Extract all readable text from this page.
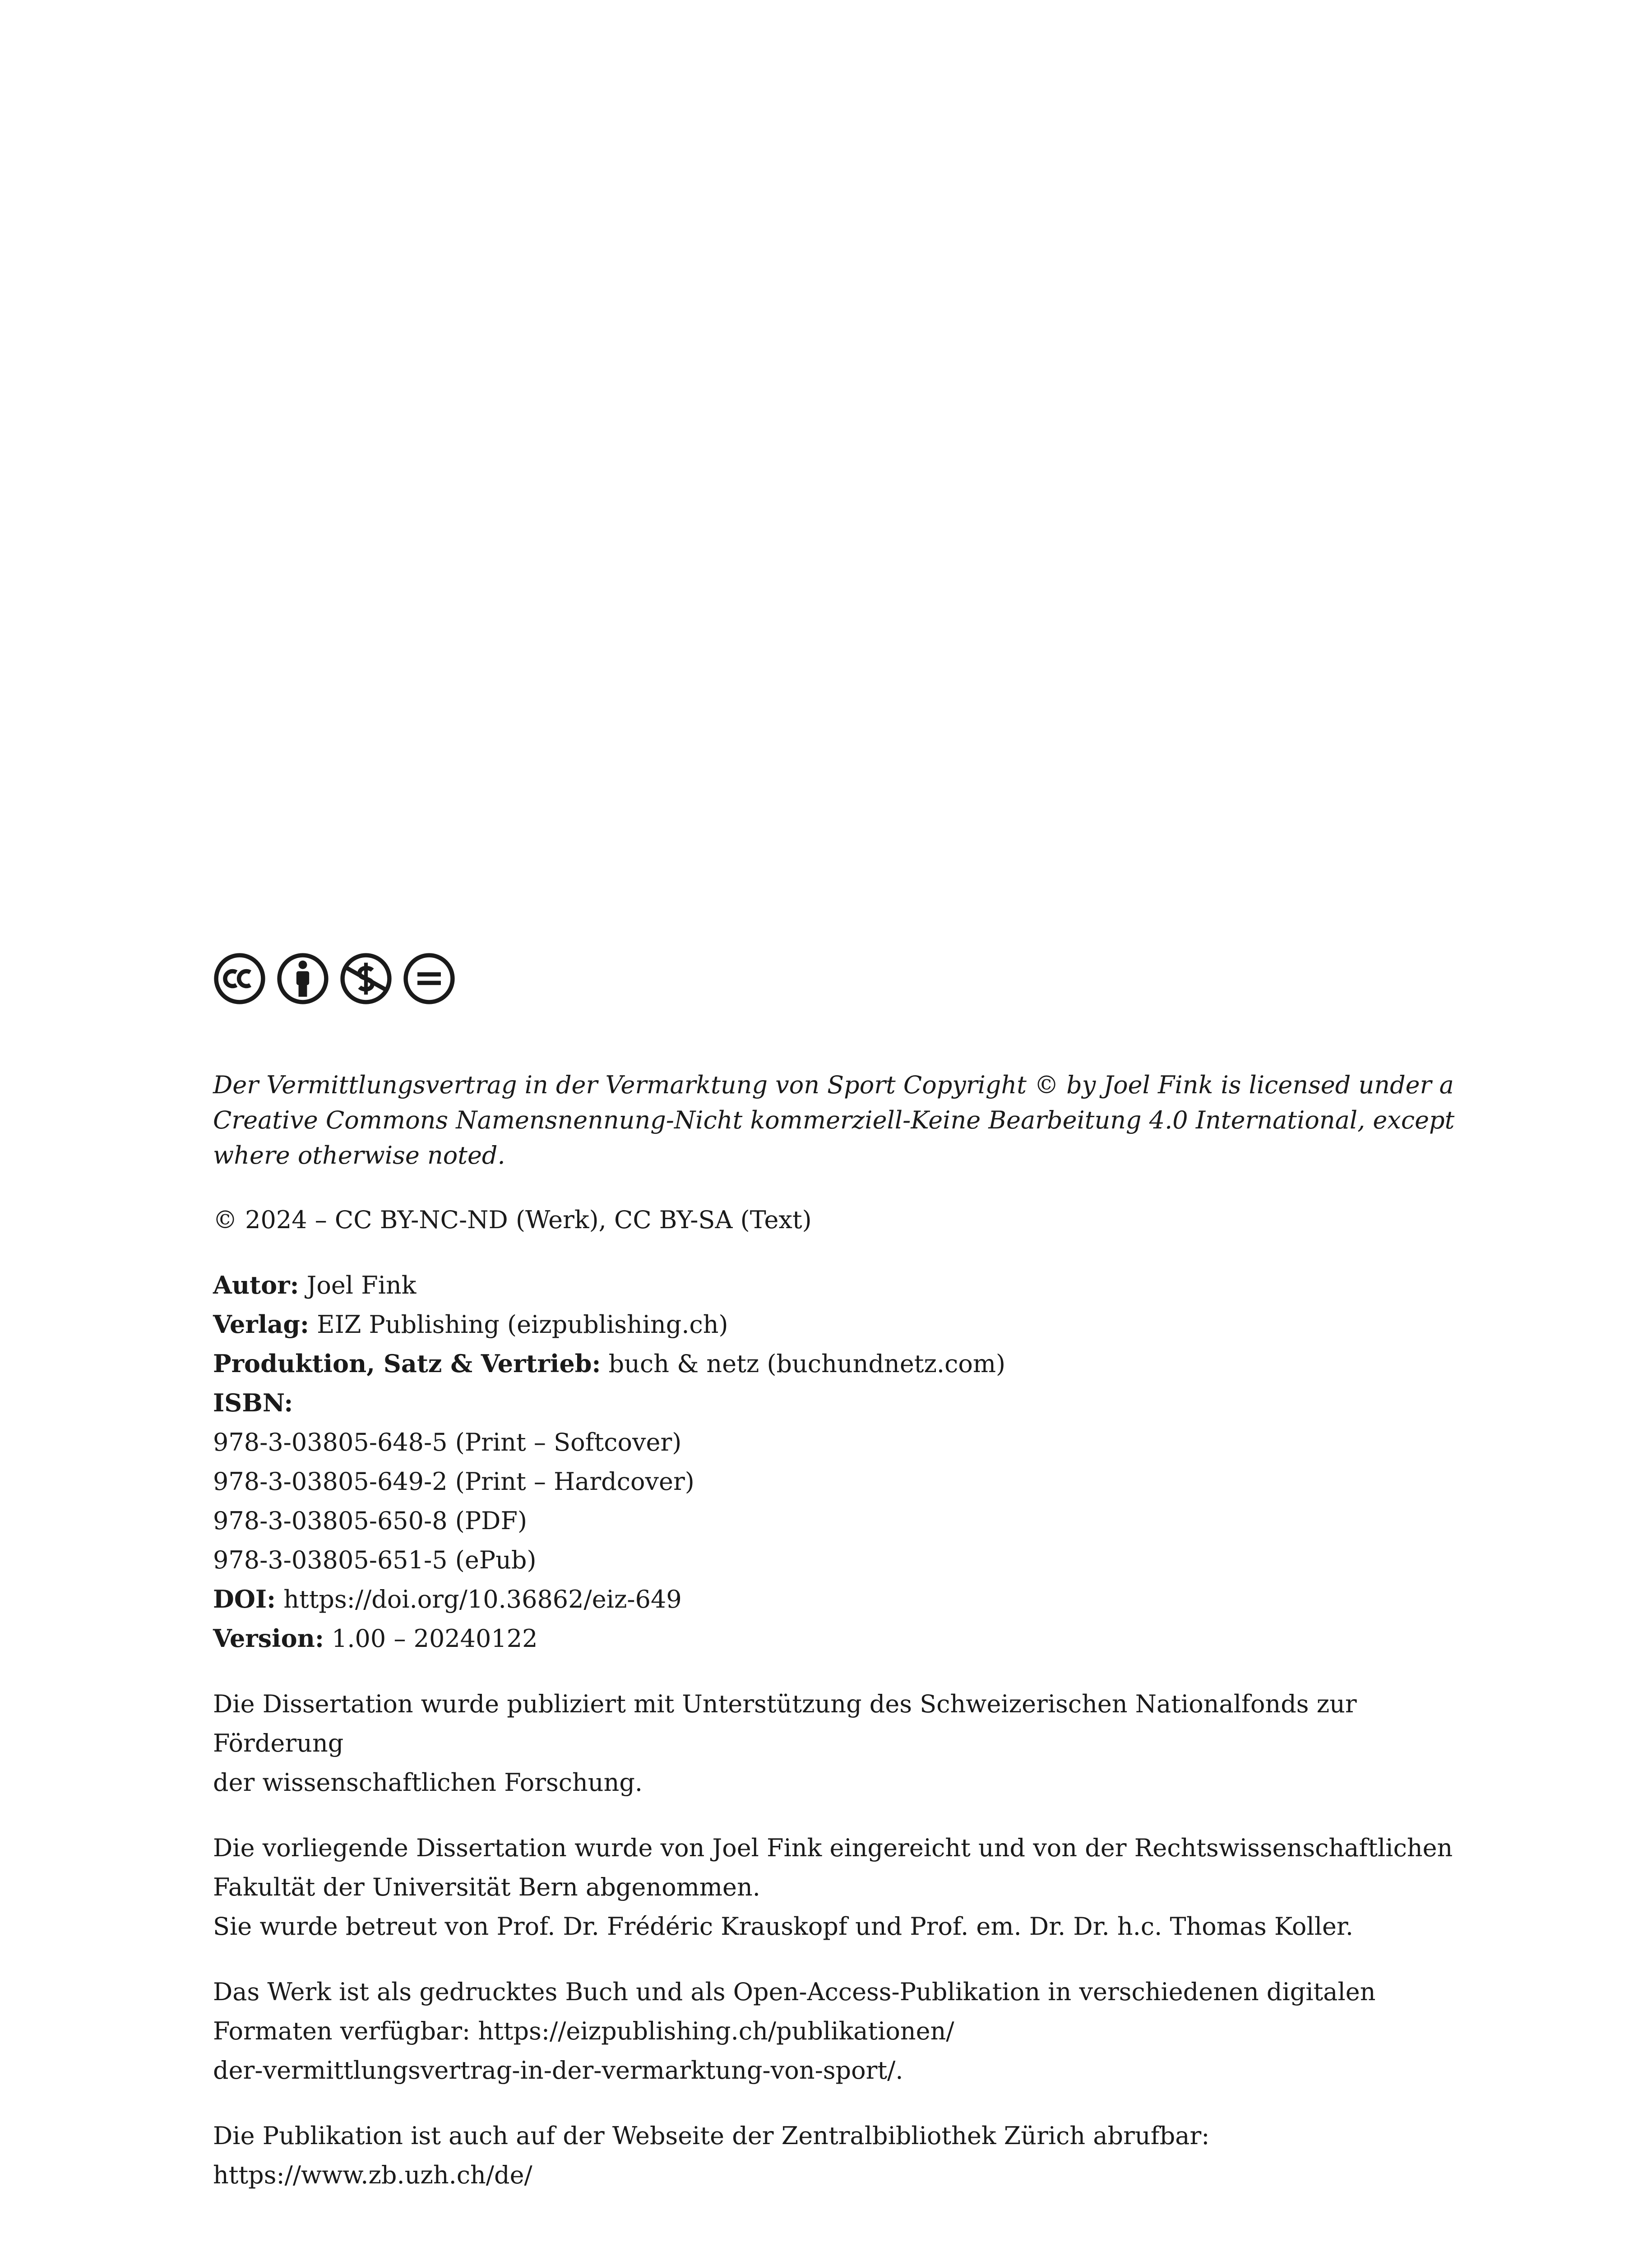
Der Vermittlungsvertrag in der Vermarktung von Sport Copyright © by Joel Fink is licensed under a
Creative Commons Namensnennung-Nicht kommerziell-Keine Bearbeitung 4.0 International, except
where otherwise noted.

© 2024 – CC BY-NC-ND (Werk), CC BY-SA (Text)

Autor: Joel Fink
Verlag: EIZ Publishing (eizpublishing.ch)
Produktion, Satz & Vertrieb: buch & netz (buchundnetz.com)
ISBN:
978-3-03805-648-5 (Print – Softcover)
978-3-03805-649-2 (Print – Hardcover)
978-3-03805-650-8 (PDF)
978-3-03805-651-5 (ePub)
DOI: https://doi.org/10.36862/eiz-649
Version: 1.00 – 20240122

Die Dissertation wurde publiziert mit Unterstützung des Schweizerischen Nationalfonds zur Förderung
der wissenschaftlichen Forschung.

Die vorliegende Dissertation wurde von Joel Fink eingereicht und von der Rechtswissenschaftlichen
Fakultät der Universität Bern abgenommen.
Sie wurde betreut von Prof. Dr. Frédéric Krauskopf und Prof. em. Dr. Dr. h.c. Thomas Koller.

Das Werk ist als gedrucktes Buch und als Open-Access-Publikation in verschiedenen digitalen
Formaten verfügbar: https://eizpublishing.ch/publikationen/
der-vermittlungsvertrag-in-der-vermarktung-von-sport/.

Die Publikation ist auch auf der Webseite der Zentralbibliothek Zürich abrufbar:
https://www.zb.uzh.ch/de/
